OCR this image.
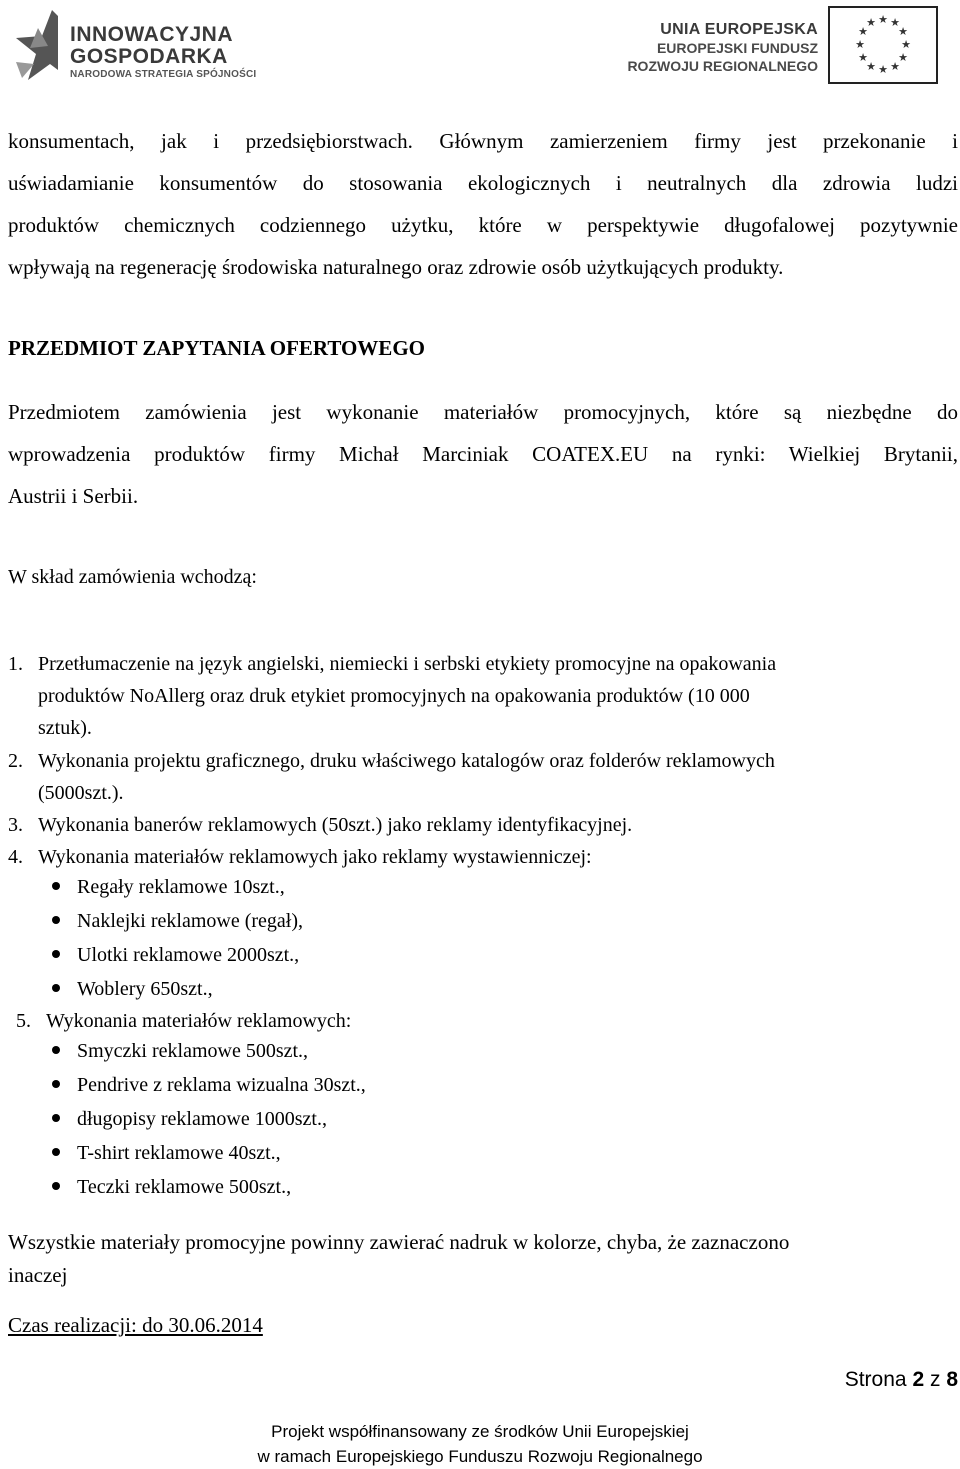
INNOWACYJNA
GOSPODARKA
NARODOWA STRATEGIA SPÓJNOŚCI
UNIA EUROPEJSKA
EUROPEJSKI FUNDUSZ
ROZWOJU REGIONALNEGO
★ ★
★
★
★
★
★
★
★
★
★
★
konsumentach, jak i przedsiębiorstwach. Głównym zamierzeniem firmy jest przekonanie i
uświadamianie konsumentów do stosowania ekologicznych i neutralnych dla zdrowia ludzi
produktów chemicznych codziennego użytku, które w perspektywie długofalowej pozytywnie
wpływają na regenerację środowiska naturalnego oraz zdrowie osób użytkujących produkty.
PRZEDMIOT ZAPYTANIA OFERTOWEGO
Przedmiotem zamówienia jest wykonanie materiałów promocyjnych, które są niezbędne do
wprowadzenia produktów firmy Michał Marciniak COATEX.EU na rynki: Wielkiej Brytanii,
Austrii i Serbii.
W skład zamówienia wchodzą:
1. Przetłumaczenie na język angielski, niemiecki i serbski etykiety promocyjne na opakowania
produktów NoAllerg oraz druk etykiet promocyjnych na opakowania produktów (10 000
sztuk).
2. Wykonania projektu graficznego, druku właściwego katalogów oraz folderów reklamowych
(5000szt.).
3. Wykonania banerów reklamowych (50szt.) jako reklamy identyfikacyjnej.
4. Wykonania materiałów reklamowych jako reklamy wystawienniczej:
Regały reklamowe 10szt.,
Naklejki reklamowe (regał),
Ulotki reklamowe 2000szt.,
Woblery 650szt.,
5. Wykonania materiałów reklamowych:
Smyczki reklamowe 500szt.,
Pendrive z reklama wizualna 30szt.,
długopisy reklamowe 1000szt.,
T-shirt reklamowe 40szt.,
Teczki reklamowe 500szt.,
Wszystkie materiały promocyjne powinny zawierać nadruk w kolorze, chyba, że zaznaczono
inaczej
Czas realizacji: do 30.06.2014
Strona 2 z 8
Projekt współfinansowany ze środków Unii Europejskiej
w ramach Europejskiego Funduszu Rozwoju Regionalnego
